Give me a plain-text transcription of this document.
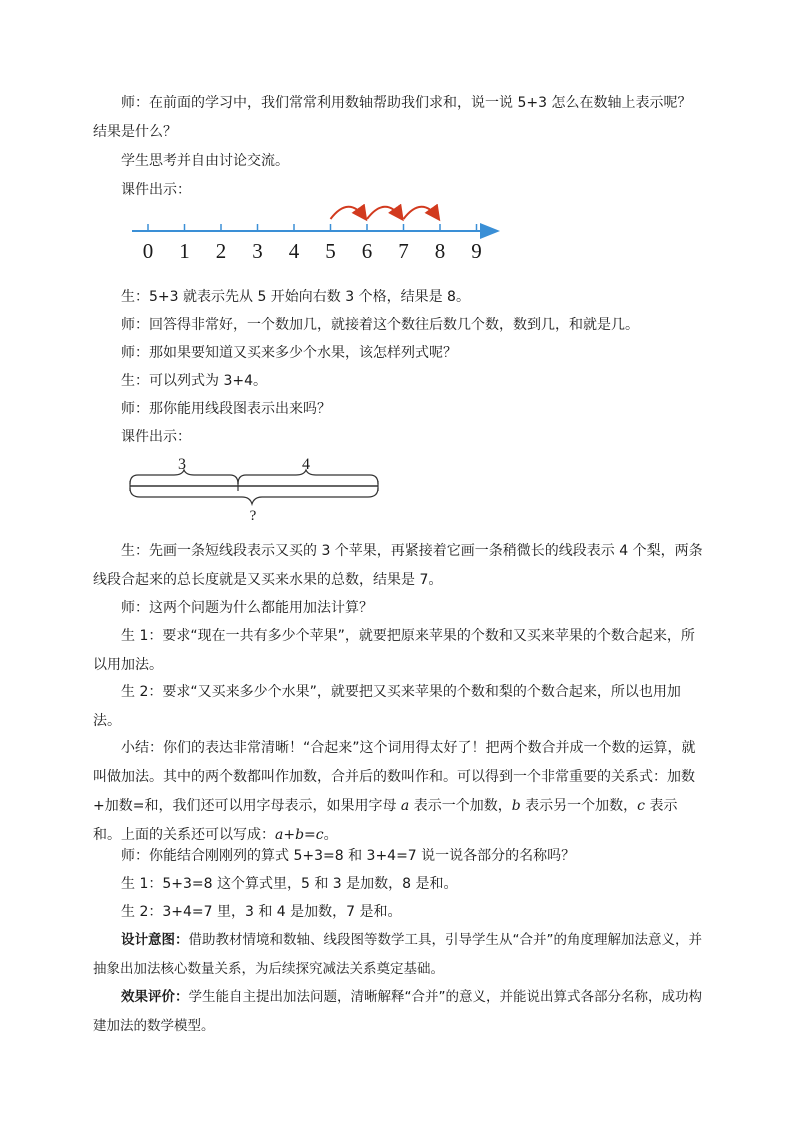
师：在前面的学习中，我们常常利用数轴帮助我们求和，说一说 5+3 怎么在数轴上表示呢？结果是什么？

学生思考并自由讨论交流。

课件出示：

0 1 2 3 4 5 6 7 8 9

生：5+3 就表示先从 5 开始向右数 3 个格，结果是 8。

师：回答得非常好，一个数加几，就接着这个数往后数几个数，数到几，和就是几。

师：那如果要知道又买来多少个水果，该怎样列式呢？

生：可以列式为 3+4。

师：那你能用线段图表示出来吗？

课件出示：

3	4
?

生：先画一条短线段表示又买的 3 个苹果，再紧接着它画一条稍微长的线段表示 4 个梨，两条线段合起来的总长度就是又买来水果的总数，结果是 7。

师：这两个问题为什么都能用加法计算？

生 1：要求“现在一共有多少个苹果”，就要把原来苹果的个数和又买来苹果的个数合起来，所以用加法。

生 2：要求“又买来多少个水果”，就要把又买来苹果的个数和梨的个数合起来，所以也用加法。

小结：你们的表达非常清晰！“合起来”这个词用得太好了！把两个数合并成一个数的运算，就叫做加法。其中的两个数都叫作加数，合并后的数叫作和。可以得到一个非常重要的关系式：加数+加数=和，我们还可以用字母表示，如果用字母 a 表示一个加数，b 表示另一个加数，c 表示和。上面的关系还可以写成：a+b=c。

师：你能结合刚刚列的算式 5+3=8 和 3+4=7 说一说各部分的名称吗？

生 1：5+3=8 这个算式里，5 和 3 是加数，8 是和。

生 2：3+4=7 里，3 和 4 是加数，7 是和。

设计意图：借助教材情境和数轴、线段图等数学工具，引导学生从“合并”的角度理解加法意义，并抽象出加法核心数量关系，为后续探究减法关系奠定基础。

效果评价：学生能自主提出加法问题，清晰解释“合并”的意义，并能说出算式各部分名称，成功构建加法的数学模型。
